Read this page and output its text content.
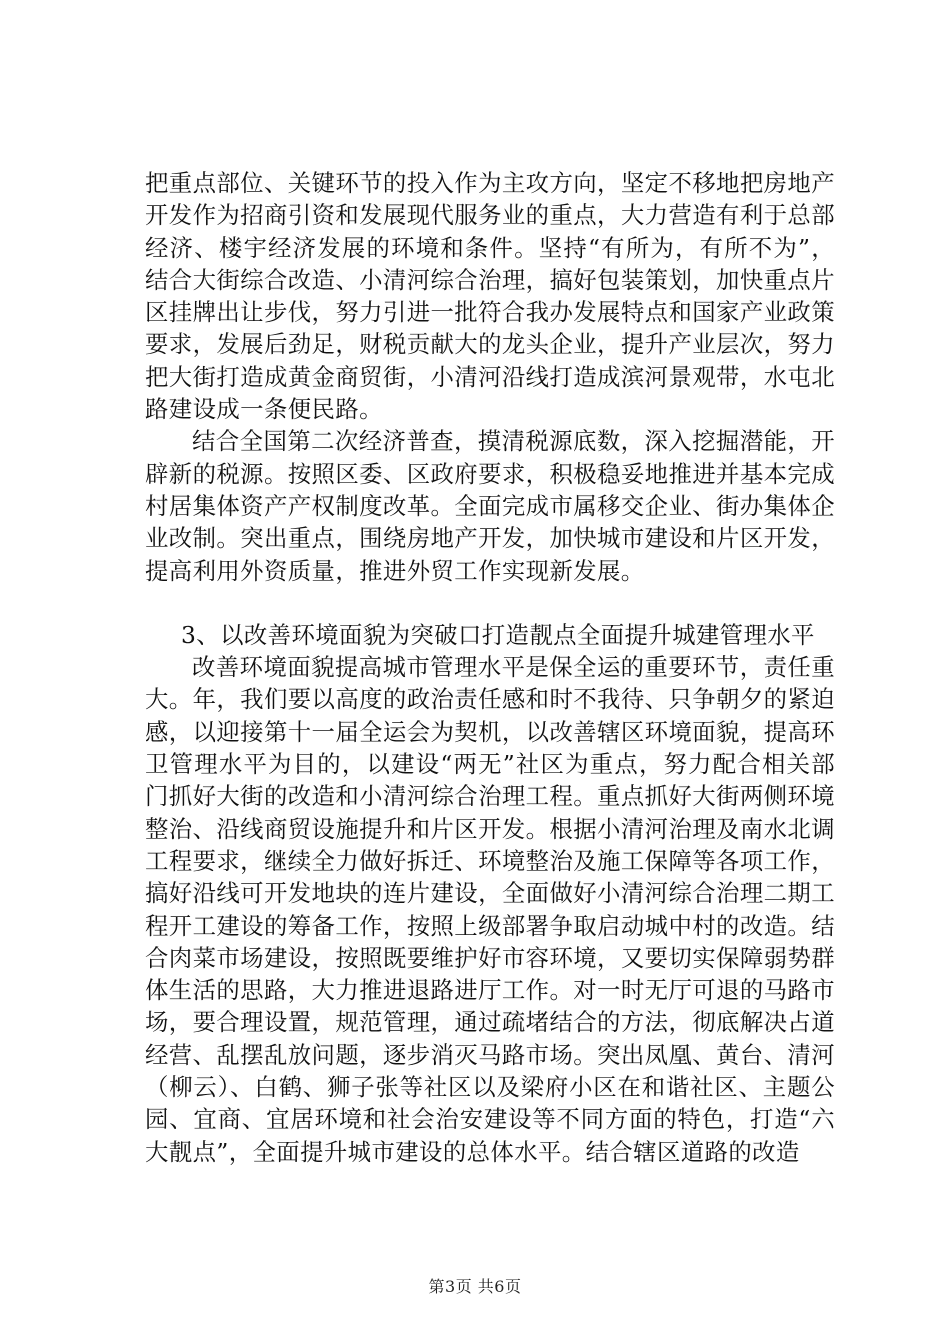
把重点部位、关键环节的投入作为主攻方向，坚定不移地把房地产开发作为招商引资和发展现代服务业的重点，大力营造有利于总部经济、楼宇经济发展的环境和条件。坚持“有所为，有所不为”，结合大街综合改造、小清河综合治理，搞好包装策划，加快重点片区挂牌出让步伐，努力引进一批符合我办发展特点和国家产业政策要求，发展后劲足，财税贡献大的龙头企业，提升产业层次，努力把大街打造成黄金商贸街，小清河沿线打造成滨河景观带，水屯北路建设成一条便民路。

结合全国第二次经济普查，摸清税源底数，深入挖掘潜能，开辟新的税源。按照区委、区政府要求，积极稳妥地推进并基本完成村居集体资产产权制度改革。全面完成市属移交企业、街办集体企业改制。突出重点，围绕房地产开发，加快城市建设和片区开发，提高利用外资质量，推进外贸工作实现新发展。

3、以改善环境面貌为突破口打造靓点全面提升城建管理水平

改善环境面貌提高城市管理水平是保全运的重要环节，责任重大。年，我们要以高度的政治责任感和时不我待、只争朝夕的紧迫感，以迎接第十一届全运会为契机，以改善辖区环境面貌，提高环卫管理水平为目的，以建设“两无”社区为重点，努力配合相关部门抓好大街的改造和小清河综合治理工程。重点抓好大街两侧环境整治、沿线商贸设施提升和片区开发。根据小清河治理及南水北调工程要求，继续全力做好拆迁、环境整治及施工保障等各项工作，搞好沿线可开发地块的连片建设，全面做好小清河综合治理二期工程开工建设的筹备工作，按照上级部署争取启动城中村的改造。结合肉菜市场建设，按照既要维护好市容环境，又要切实保障弱势群体生活的思路，大力推进退路进厅工作。对一时无厅可退的马路市场，要合理设置，规范管理，通过疏堵结合的方法，彻底解决占道经营、乱摆乱放问题，逐步消灭马路市场。突出凤凰、黄台、清河（柳云）、白鹤、狮子张等社区以及梁府小区在和谐社区、主题公园、宜商、宜居环境和社会治安建设等不同方面的特色，打造“六大靓点”，全面提升城市建设的总体水平。结合辖区道路的改造

第3页 共6页
